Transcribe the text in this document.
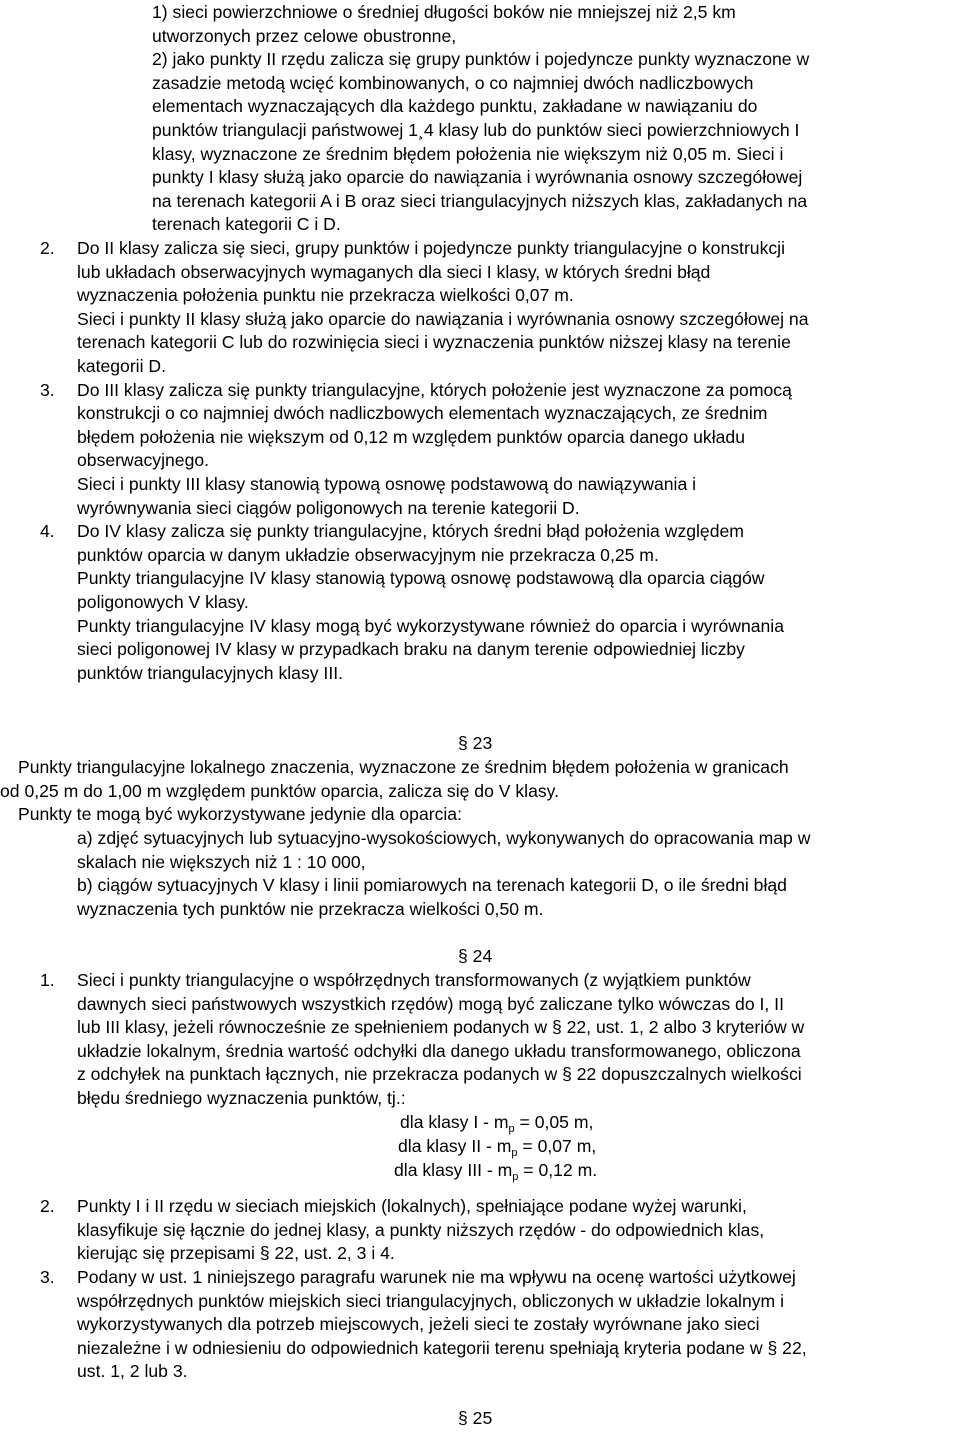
1) sieci powierzchniowe o średniej długości boków nie mniejszej niż 2,5 km

utworzonych przez celowe obustronne,

2) jako punkty II rzędu zalicza się grupy punktów i pojedyncze punkty wyznaczone w

zasadzie metodą wcięć kombinowanych, o co najmniej dwóch nadliczbowych

elementach wyznaczających dla każdego punktu, zakładane w nawiązaniu do

punktów triangulacji państwowej 1¸4 klasy lub do punktów sieci powierzchniowych I

klasy, wyznaczone ze średnim błędem położenia nie większym niż 0,05 m. Sieci i

punkty I klasy służą jako oparcie do nawiązania i wyrównania osnowy szczegółowej

na terenach kategorii A i B oraz sieci triangulacyjnych niższych klas, zakładanych na

terenach kategorii C i D.

2. Do II klasy zalicza się sieci, grupy punktów i pojedyncze punkty triangulacyjne o konstrukcji

lub układach obserwacyjnych wymaganych dla sieci I klasy, w których średni błąd

wyznaczenia położenia punktu nie przekracza wielkości 0,07 m.

Sieci i punkty II klasy służą jako oparcie do nawiązania i wyrównania osnowy szczegółowej na

terenach kategorii C lub do rozwinięcia sieci i wyznaczenia punktów niższej klasy na terenie

kategorii D.

3. Do III klasy zalicza się punkty triangulacyjne, których położenie jest wyznaczone za pomocą

konstrukcji o co najmniej dwóch nadliczbowych elementach wyznaczających, ze średnim

błędem położenia nie większym od 0,12 m względem punktów oparcia danego układu

obserwacyjnego.

Sieci i punkty III klasy stanowią typową osnowę podstawową do nawiązywania i

wyrównywania sieci ciągów poligonowych na terenie kategorii D.

4. Do IV klasy zalicza się punkty triangulacyjne, których średni błąd położenia względem

punktów oparcia w danym układzie obserwacyjnym nie przekracza 0,25 m.

Punkty triangulacyjne IV klasy stanowią typową osnowę podstawową dla oparcia ciągów

poligonowych V klasy.

Punkty triangulacyjne IV klasy mogą być wykorzystywane również do oparcia i wyrównania

sieci poligonowej IV klasy w przypadkach braku na danym terenie odpowiedniej liczby

punktów triangulacyjnych klasy III.

§ 23

Punkty triangulacyjne lokalnego znaczenia, wyznaczone ze średnim błędem położenia w granicach

od 0,25 m do 1,00 m względem punktów oparcia, zalicza się do V klasy.

Punkty te mogą być wykorzystywane jedynie dla oparcia:

a) zdjęć sytuacyjnych lub sytuacyjno-wysokościowych, wykonywanych do opracowania map w

skalach nie większych niż 1 : 10 000,

b) ciągów sytuacyjnych V klasy i linii pomiarowych na terenach kategorii D, o ile średni błąd

wyznaczenia tych punktów nie przekracza wielkości 0,50 m.

§ 24

1. Sieci i punkty triangulacyjne o współrzędnych transformowanych (z wyjątkiem punktów

dawnych sieci państwowych wszystkich rzędów) mogą być zaliczane tylko wówczas do I, II

lub III klasy, jeżeli równocześnie ze spełnieniem podanych w § 22, ust. 1, 2 albo 3 kryteriów w

układzie lokalnym, średnia wartość odchyłki dla danego układu transformowanego, obliczona

z odchyłek na punktach łącznych, nie przekracza podanych w § 22 dopuszczalnych wielkości

błędu średniego wyznaczenia punktów, tj.:

dla klasy $I - m_p = 0,05$ m,

dla klasy II - $m_p = 0,07$ m,

dla klasy III - $m_p = 0,12$ m.

2. Punkty I i II rzędu w sieciach miejskich (lokalnych), spełniające podane wyżej warunki,

klasyfikuje się łącznie do jednej klasy, a punkty niższych rzędów - do odpowiednich klas,

kierując się przepisami § 22, ust. 2, 3 i 4.

3. Podany w ust. 1 niniejszego paragrafu warunek nie ma wpływu na ocenę wartości użytkowej

współrzędnych punktów miejskich sieci triangulacyjnych, obliczonych w układzie lokalnym i

wykorzystywanych dla potrzeb miejscowych, jeżeli sieci te zostały wyrównane jako sieci

niezależne i w odniesieniu do odpowiednich kategorii terenu spełniają kryteria podane w § 22,

ust. 1, 2 lub 3.

§ 25
